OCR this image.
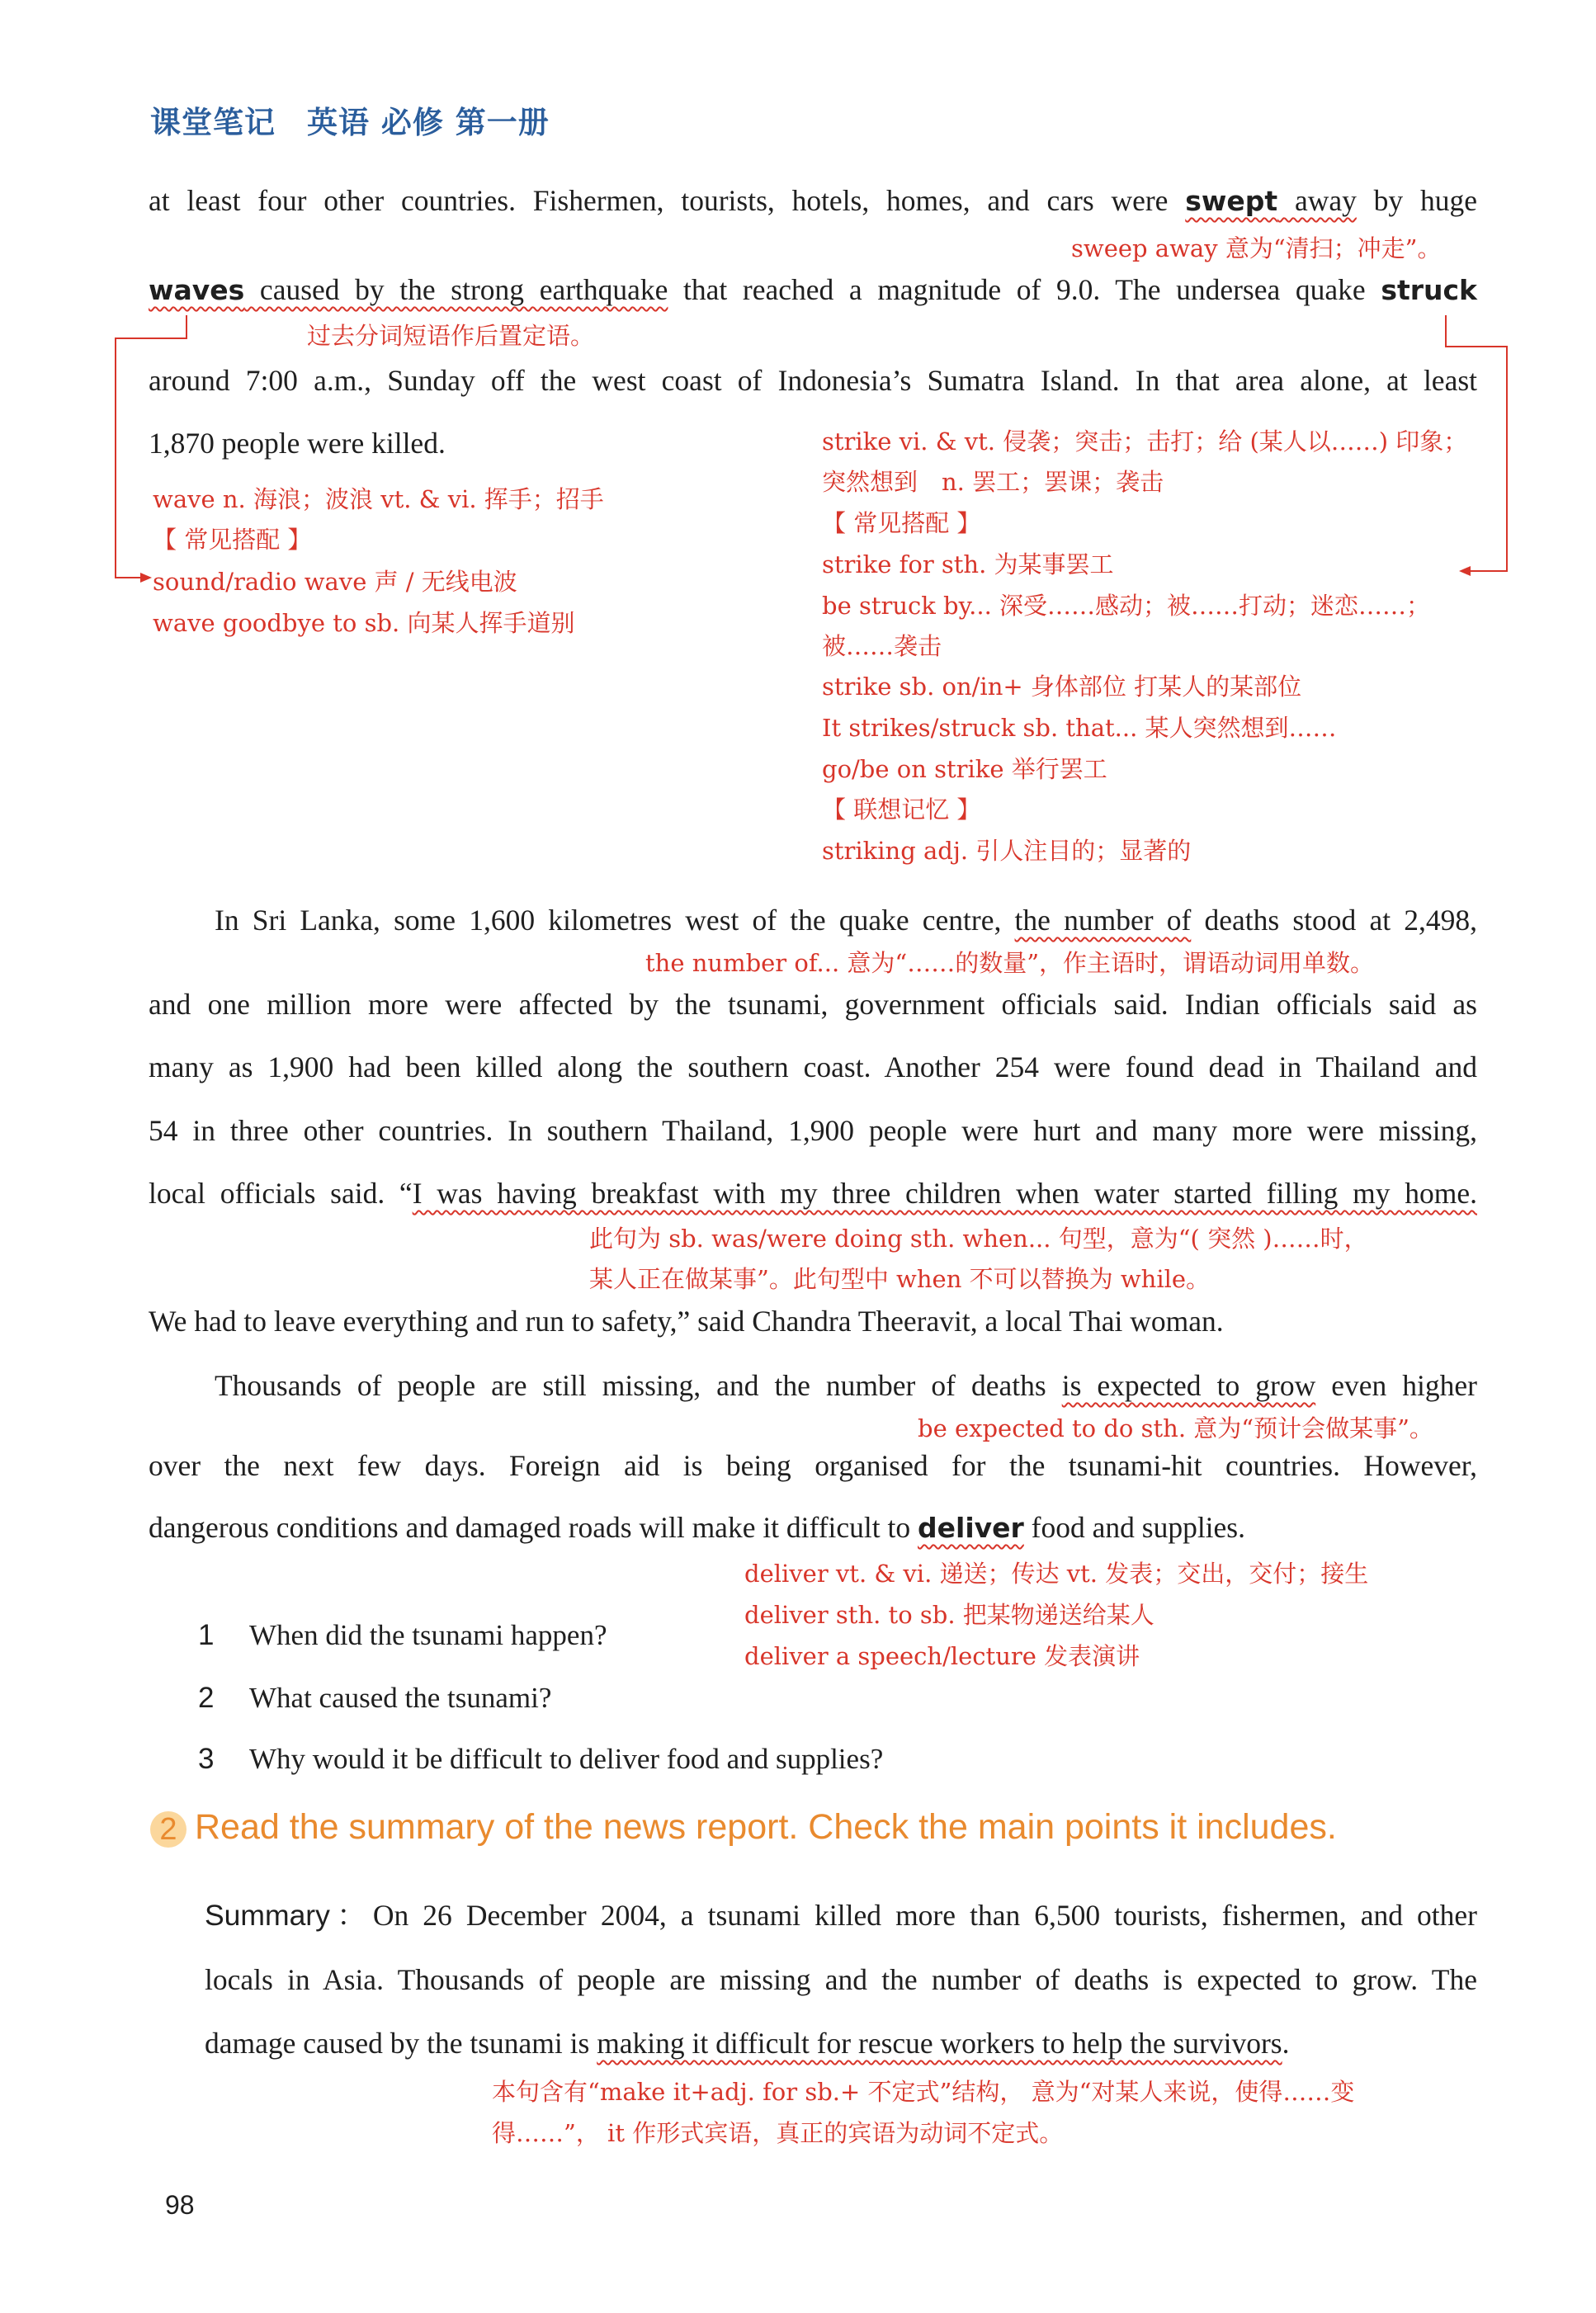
课堂笔记　英语 必修 第一册
at least four other countries. Fishermen, tourists, hotels, homes, and cars were swept away by huge
sweep away 意为“清扫；冲走”。
waves caused by the strong earthquake that reached a magnitude of 9.0. The undersea quake struck
过去分词短语作后置定语。
around 7:00 a.m., Sunday off the west coast of Indonesia’s Sumatra Island. In that area alone, at least
1,870 people were killed.
wave n. 海浪；波浪 vt. & vi. 挥手；招手
【 常见搭配 】
sound/radio wave 声 / 无线电波
wave goodbye to sb. 向某人挥手道别
strike vi. & vt. 侵袭；突击；击打；给 (某人以……) 印象；
突然想到　n. 罢工；罢课；袭击
【 常见搭配 】
strike for sth. 为某事罢工
be struck by... 深受……感动；被……打动；迷恋……；
被……袭击
strike sb. on/in+ 身体部位 打某人的某部位
It strikes/struck sb. that... 某人突然想到……
go/be on strike 举行罢工
【 联想记忆 】
striking adj. 引人注目的；显著的
In Sri Lanka, some 1,600 kilometres west of the quake centre, the number of deaths stood at 2,498,
the number of... 意为“……的数量”，作主语时，谓语动词用单数。
and one million more were affected by the tsunami, government officials said. Indian officials said as
many as 1,900 had been killed along the southern coast. Another 254 were found dead in Thailand and
54 in three other countries. In southern Thailand, 1,900 people were hurt and many more were missing,
local officials said. “I was having breakfast with my three children when water started filling my home.
此句为 sb. was/were doing sth. when... 句型，意为“( 突然 )……时，
某人正在做某事”。此句型中 when 不可以替换为 while。
We had to leave everything and run to safety,” said Chandra Theeravit, a local Thai woman.
Thousands of people are still missing, and the number of deaths is expected to grow even higher
be expected to do sth. 意为“预计会做某事”。
over the next few days. Foreign aid is being organised for the tsunami-hit countries. However,
dangerous conditions and damaged roads will make it difficult to deliver food and supplies.
deliver vt. & vi. 递送；传达 vt. 发表；交出，交付；接生
deliver sth. to sb. 把某物递送给某人
deliver a speech/lecture 发表演讲
1 When did the tsunami happen?
2 What caused the tsunami?
3 Why would it be difficult to deliver food and supplies?
2 Read the summary of the news report. Check the main points it includes.
Summary：On 26 December 2004, a tsunami killed more than 6,500 tourists, fishermen, and other
locals in Asia. Thousands of people are missing and the number of deaths is expected to grow. The
damage caused by the tsunami is making it difficult for rescue workers to help the survivors.
本句含有“make it+adj. for sb.+ 不定式”结构， 意为“对某人来说，使得……变
得……”， it 作形式宾语，真正的宾语为动词不定式。
98
